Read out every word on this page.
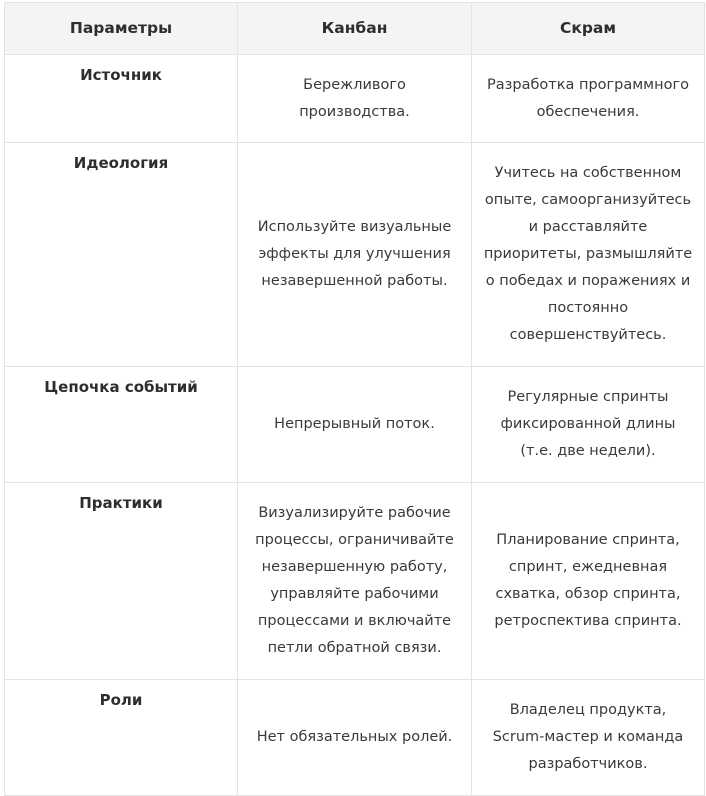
Параметры	Канбан	Скрам
Источник	Бережливого производства.	Разработка программного обеспечения.
Идеология	Используйте визуальные эффекты для улучшения незавершенной работы.	Учитесь на собственном опыте, самоорганизуйтесь и расставляйте приоритеты, размышляйте о победах и поражениях и постоянно совершенствуйтесь.
Цепочка событий	Непрерывный поток.	Регулярные спринты фиксированной длины (т.е. две недели).
Практики	Визуализируйте рабочие процессы, ограничивайте незавершенную работу, управляйте рабочими процессами и включайте петли обратной связи.	Планирование спринта, спринт, ежедневная схватка, обзор спринта, ретроспектива спринта.
Роли	Нет обязательных ролей.	Владелец продукта, Scrum-мастер и команда разработчиков.
